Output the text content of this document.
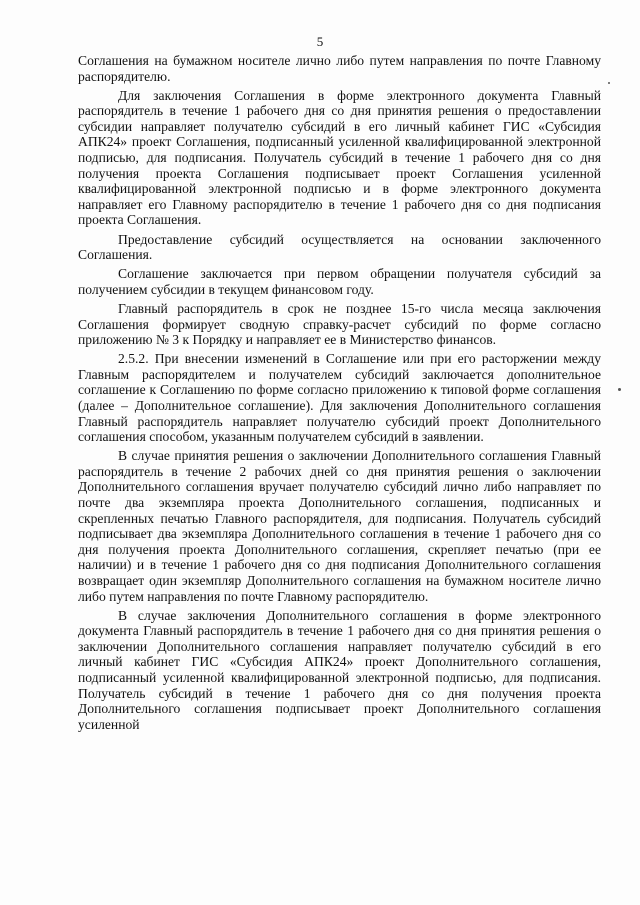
5

Соглашения на бумажном носителе лично либо путем направления по почте Главному распорядителю.

Для заключения Соглашения в форме электронного документа Главный распорядитель в течение 1 рабочего дня со дня принятия решения о предоставлении субсидии направляет получателю субсидий в его личный кабинет ГИС «Субсидия АПК24» проект Соглашения, подписанный усиленной квалифицированной электронной подписью, для подписания. Получатель субсидий в течение 1 рабочего дня со дня получения проекта Соглашения подписывает проект Соглашения усиленной квалифицированной электронной подписью и в форме электронного документа направляет его Главному распорядителю в течение 1 рабочего дня со дня подписания проекта Соглашения.

Предоставление субсидий осуществляется на основании заключенного Соглашения.

Соглашение заключается при первом обращении получателя субсидий за получением субсидии в текущем финансовом году.

Главный распорядитель в срок не позднее 15-го числа месяца заключения Соглашения формирует сводную справку-расчет субсидий по форме согласно приложению № 3 к Порядку и направляет ее в Министерство финансов.

2.5.2. При внесении изменений в Соглашение или при его расторжении между Главным распорядителем и получателем субсидий заключается дополнительное соглашение к Соглашению по форме согласно приложению к типовой форме соглашения (далее – Дополнительное соглашение). Для заключения Дополнительного соглашения Главный распорядитель направляет получателю субсидий проект Дополнительного соглашения способом, указанным получателем субсидий в заявлении.

В случае принятия решения о заключении Дополнительного соглашения Главный распорядитель в течение 2 рабочих дней со дня принятия решения о заключении Дополнительного соглашения вручает получателю субсидий лично либо направляет по почте два экземпляра проекта Дополнительного соглашения, подписанных и скрепленных печатью Главного распорядителя, для подписания. Получатель субсидий подписывает два экземпляра Дополнительного соглашения в течение 1 рабочего дня со дня получения проекта Дополнительного соглашения, скрепляет печатью (при ее наличии) и в течение 1 рабочего дня со дня подписания Дополнительного соглашения возвращает один экземпляр Дополнительного соглашения на бумажном носителе лично либо путем направления по почте Главному распорядителю.

В случае заключения Дополнительного соглашения в форме электронного документа Главный распорядитель в течение 1 рабочего дня со дня принятия решения о заключении Дополнительного соглашения направляет получателю субсидий в его личный кабинет ГИС «Субсидия АПК24» проект Дополнительного соглашения, подписанный усиленной квалифицированной электронной подписью, для подписания. Получатель субсидий в течение 1 рабочего дня со дня получения проекта Дополнительного соглашения подписывает проект Дополнительного соглашения усиленной
